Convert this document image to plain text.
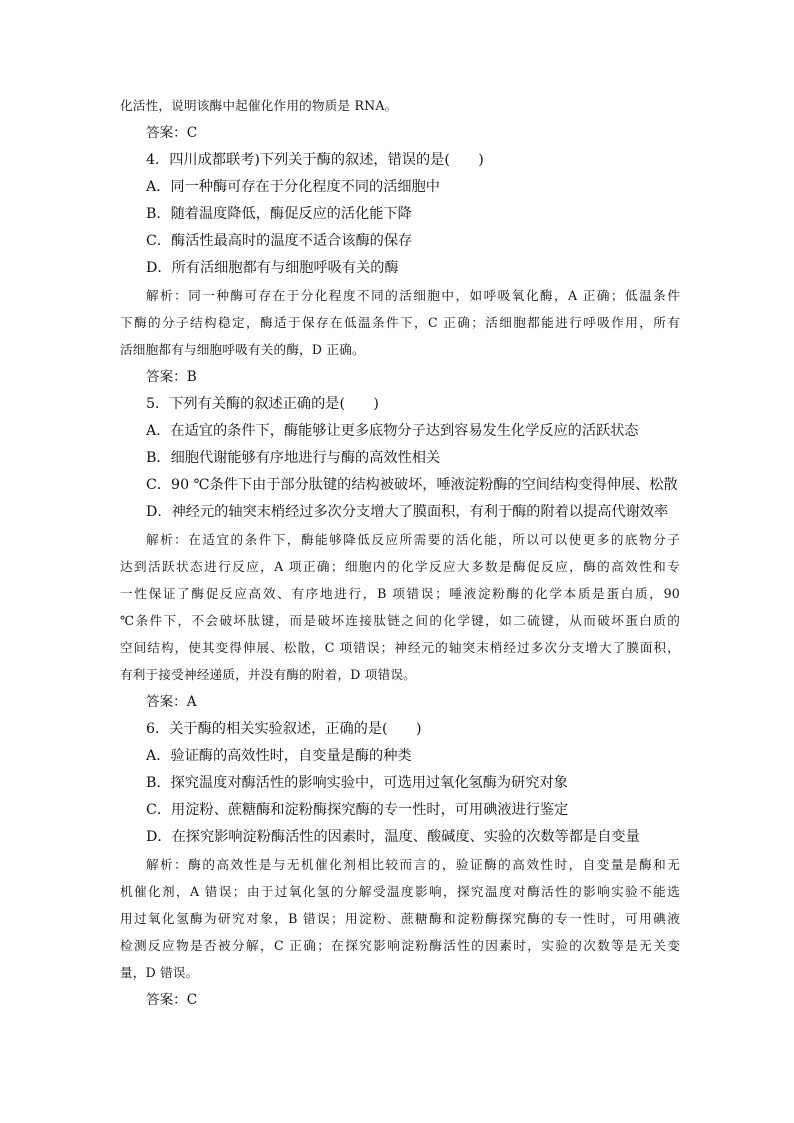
化活性，说明该酶中起催化作用的物质是 RNA。
答案：C
4．四川成都联考)下列关于酶的叙述，错误的是(　　)
A．同一种酶可存在于分化程度不同的活细胞中
B．随着温度降低，酶促反应的活化能下降
C．酶活性最高时的温度不适合该酶的保存
D．所有活细胞都有与细胞呼吸有关的酶
解析：同一种酶可存在于分化程度不同的活细胞中，如呼吸氧化酶，A 正确；低温条件
下酶的分子结构稳定，酶适于保存在低温条件下，C 正确；活细胞都能进行呼吸作用，所有
活细胞都有与细胞呼吸有关的酶，D 正确。
答案：B
5．下列有关酶的叙述正确的是(　　)
A．在适宜的条件下，酶能够让更多底物分子达到容易发生化学反应的活跃状态
B．细胞代谢能够有序地进行与酶的高效性相关
C．90 ℃条件下由于部分肽键的结构被破坏，唾液淀粉酶的空间结构变得伸展、松散
D．神经元的轴突末梢经过多次分支增大了膜面积，有利于酶的附着以提高代谢效率
解析：在适宜的条件下，酶能够降低反应所需要的活化能，所以可以使更多的底物分子
达到活跃状态进行反应，A 项正确；细胞内的化学反应大多数是酶促反应，酶的高效性和专
一性保证了酶促反应高效、有序地进行，B 项错误；唾液淀粉酶的化学本质是蛋白质，90
℃条件下，不会破坏肽键，而是破坏连接肽链之间的化学键，如二硫键，从而破坏蛋白质的
空间结构，使其变得伸展、松散，C 项错误；神经元的轴突末梢经过多次分支增大了膜面积，
有利于接受神经递质，并没有酶的附着，D 项错误。
答案：A
6．关于酶的相关实验叙述，正确的是(　　)
A．验证酶的高效性时，自变量是酶的种类
B．探究温度对酶活性的影响实验中，可选用过氧化氢酶为研究对象
C．用淀粉、蔗糖酶和淀粉酶探究酶的专一性时，可用碘液进行鉴定
D．在探究影响淀粉酶活性的因素时，温度、酸碱度、实验的次数等都是自变量
解析：酶的高效性是与无机催化剂相比较而言的，验证酶的高效性时，自变量是酶和无
机催化剂，A 错误；由于过氧化氢的分解受温度影响，探究温度对酶活性的影响实验不能选
用过氧化氢酶为研究对象，B 错误；用淀粉、蔗糖酶和淀粉酶探究酶的专一性时，可用碘液
检测反应物是否被分解，C 正确；在探究影响淀粉酶活性的因素时，实验的次数等是无关变
量，D 错误。
答案：C
